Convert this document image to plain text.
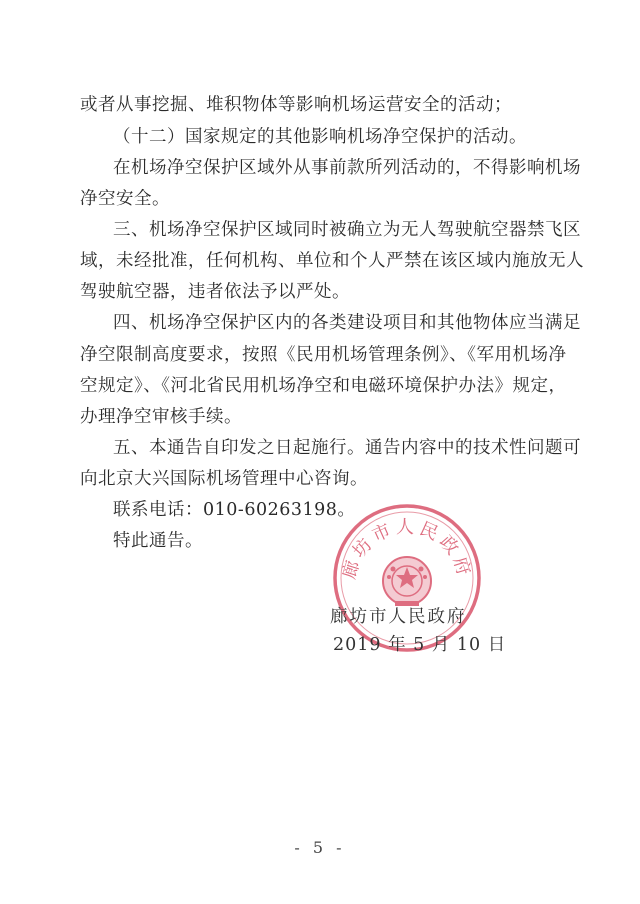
或者从事挖掘、堆积物体等影响机场运营安全的活动；
（十二）国家规定的其他影响机场净空保护的活动。
在机场净空保护区域外从事前款所列活动的，不得影响机场
净空安全。
三、机场净空保护区域同时被确立为无人驾驶航空器禁飞区
域，未经批准，任何机构、单位和个人严禁在该区域内施放无人
驾驶航空器，违者依法予以严处。
四、机场净空保护区内的各类建设项目和其他物体应当满足
净空限制高度要求，按照《民用机场管理条例》、《军用机场净
空规定》、《河北省民用机场净空和电磁环境保护办法》规定，
办理净空审核手续。
五、本通告自印发之日起施行。通告内容中的技术性问题可
向北京大兴国际机场管理中心咨询。
联系电话：010-60263198。
特此通告。
廊坊市人民政府
廊坊市人民政府
2019 年 5 月 10 日
- 5 -
